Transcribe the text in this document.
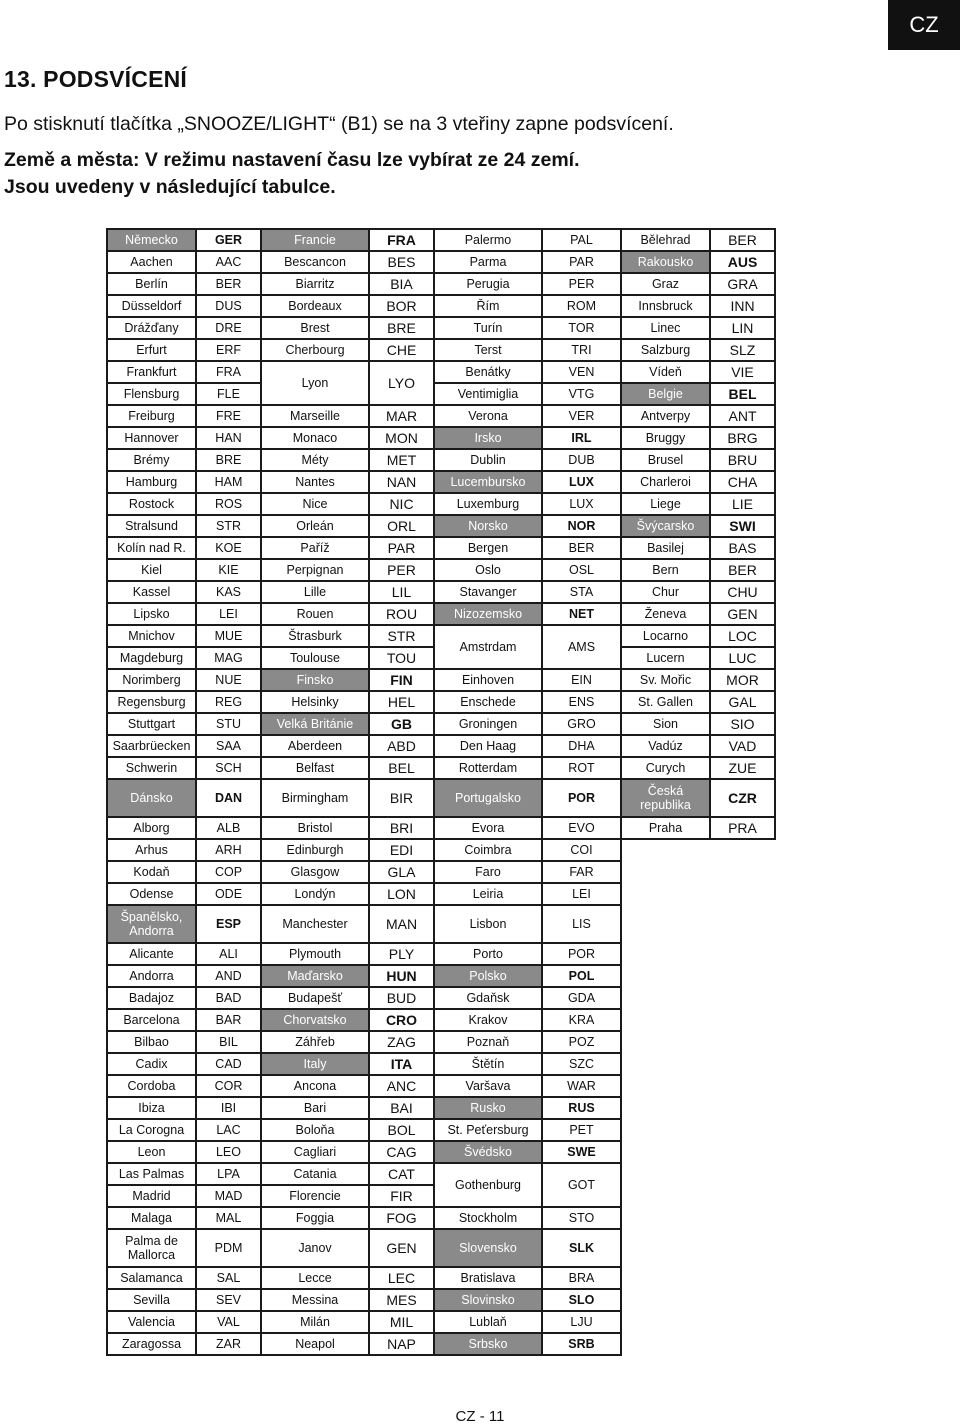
CZ
13. PODSVÍCENÍ
Po stisknutí tlačítka „SNOOZE/LIGHT“ (B1) se na 3 vteřiny zapne podsvícení.
Země a města: V režimu nastavení času lze vybírat ze 24 zemí.
Jsou uvedeny v následující tabulce.
Německo	GER	Francie	FRA	Palermo	PAL	Bělehrad	BER
Aachen	AAC	Bescancon	BES	Parma	PAR	Rakousko	AUS
Berlín	BER	Biarritz	BIA	Perugia	PER	Graz	GRA
Düsseldorf	DUS	Bordeaux	BOR	Řím	ROM	Innsbruck	INN
Drážďany	DRE	Brest	BRE	Turín	TOR	Linec	LIN
Erfurt	ERF	Cherbourg	CHE	Terst	TRI	Salzburg	SLZ
Frankfurt	FRA	Lyon	LYO	Benátky	VEN	Vídeň	VIE
Flensburg	FLE			Ventimiglia	VTG	Belgie	BEL
Freiburg	FRE	Marseille	MAR	Verona	VER	Antverpy	ANT
Hannover	HAN	Monaco	MON	Irsko	IRL	Bruggy	BRG
Brémy	BRE	Méty	MET	Dublin	DUB	Brusel	BRU
Hamburg	HAM	Nantes	NAN	Lucembursko	LUX	Charleroi	CHA
Rostock	ROS	Nice	NIC	Luxemburg	LUX	Liege	LIE
Stralsund	STR	Orleán	ORL	Norsko	NOR	Švýcarsko	SWI
Kolín nad R.	KOE	Paříž	PAR	Bergen	BER	Basilej	BAS
Kiel	KIE	Perpignan	PER	Oslo	OSL	Bern	BER
Kassel	KAS	Lille	LIL	Stavanger	STA	Chur	CHU
Lipsko	LEI	Rouen	ROU	Nizozemsko	NET	Ženeva	GEN
Mnichov	MUE	Štrasburk	STR	Amstrdam	AMS	Locarno	LOC
Magdeburg	MAG	Toulouse	TOU			Lucern	LUC
Norimberg	NUE	Finsko	FIN	Einhoven	EIN	Sv. Mořic	MOR
Regensburg	REG	Helsinky	HEL	Enschede	ENS	St. Gallen	GAL
Stuttgart	STU	Velká Británie	GB	Groningen	GRO	Sion	SIO
Saarbrüecken	SAA	Aberdeen	ABD	Den Haag	DHA	Vadúz	VAD
Schwerin	SCH	Belfast	BEL	Rotterdam	ROT	Curych	ZUE
Dánsko	DAN	Birmingham	BIR	Portugalsko	POR	Česká republika	CZR
Alborg	ALB	Bristol	BRI	Evora	EVO	Praha	PRA
Arhus	ARH	Edinburgh	EDI	Coimbra	COI		
Kodaň	COP	Glasgow	GLA	Faro	FAR		
Odense	ODE	Londýn	LON	Leiria	LEI		
Španělsko, Andorra	ESP	Manchester	MAN	Lisbon	LIS		
Alicante	ALI	Plymouth	PLY	Porto	POR		
Andorra	AND	Maďarsko	HUN	Polsko	POL		
Badajoz	BAD	Budapešť	BUD	Gdaňsk	GDA		
Barcelona	BAR	Chorvatsko	CRO	Krakov	KRA		
Bilbao	BIL	Záhřeb	ZAG	Poznaň	POZ		
Cadix	CAD	Italy	ITA	Štětín	SZC		
Cordoba	COR	Ancona	ANC	Varšava	WAR		
Ibiza	IBI	Bari	BAI	Rusko	RUS		
La Corogna	LAC	Boloňa	BOL	St. Peťersburg	PET		
Leon	LEO	Cagliari	CAG	Švédsko	SWE		
Las Palmas	LPA	Catania	CAT	Gothenburg	GOT		
Madrid	MAD	Florencie	FIR				
Malaga	MAL	Foggia	FOG	Stockholm	STO		
Palma de Mallorca	PDM	Janov	GEN	Slovensko	SLK		
Salamanca	SAL	Lecce	LEC	Bratislava	BRA		
Sevilla	SEV	Messina	MES	Slovinsko	SLO		
Valencia	VAL	Milán	MIL	Lublaň	LJU		
Zaragossa	ZAR	Neapol	NAP	Srbsko	SRB		
CZ - 11
